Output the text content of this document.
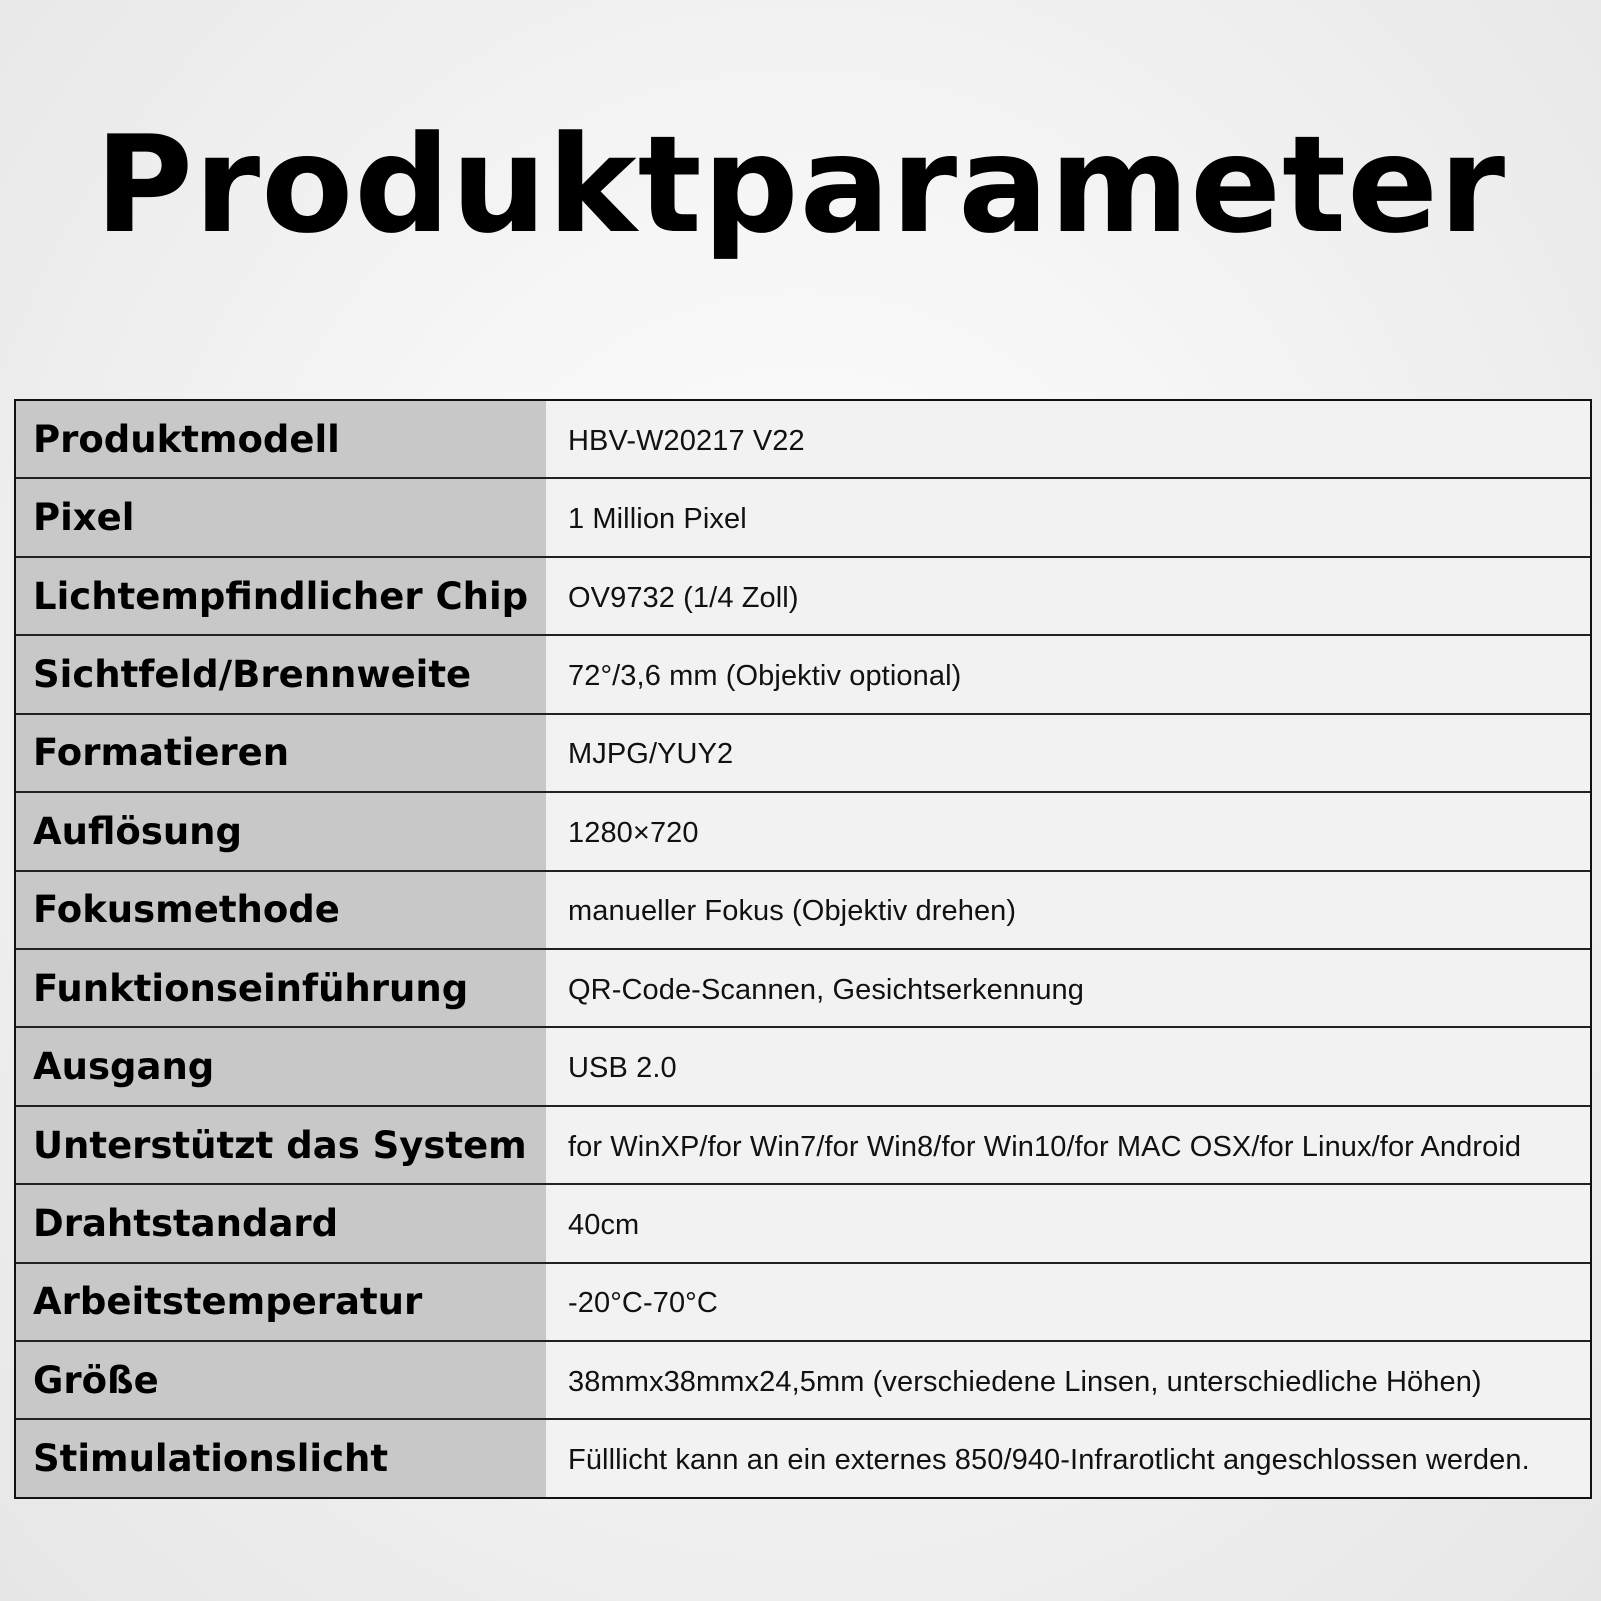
Produktparameter
Produktmodell	HBV-W20217 V22
Pixel	1 Million Pixel
Lichtempfindlicher Chip	OV9732 (1/4 Zoll)
Sichtfeld/Brennweite	72°/3,6 mm (Objektiv optional)
Formatieren	MJPG/YUY2
Auflösung	1280×720
Fokusmethode	manueller Fokus (Objektiv drehen)
Funktionseinführung	QR-Code-Scannen, Gesichtserkennung
Ausgang	USB 2.0
Unterstützt das System	for WinXP/for Win7/for Win8/for Win10/for MAC OSX/for Linux/for Android
Drahtstandard	40cm
Arbeitstemperatur	-20°C-70°C
Größe	38mmx38mmx24,5mm (verschiedene Linsen, unterschiedliche Höhen)
Stimulationslicht	Fülllicht kann an ein externes 850/940-Infrarotlicht angeschlossen werden.
